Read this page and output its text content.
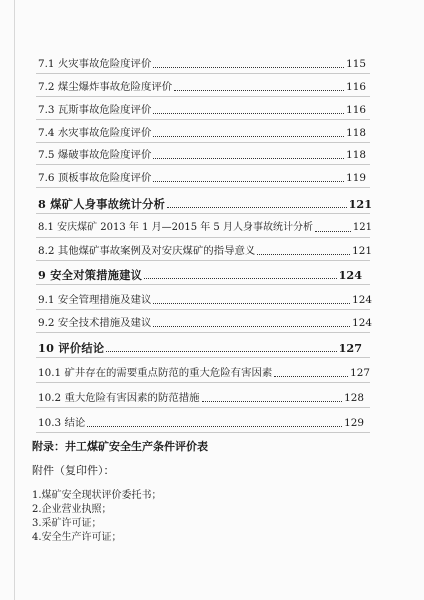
7.1 火灾事故危险度评价	115
7.2 煤尘爆炸事故危险度评价	116
7.3 瓦斯事故危险度评价	116
7.4 水灾事故危险度评价	118
7.5 爆破事故危险度评价	118
7.6 顶板事故危险度评价	119
8 煤矿人身事故统计分析	121
8.1 安庆煤矿 2013 年 1 月—2015 年 5 月人身事故统计分析	121
8.2 其他煤矿事故案例及对安庆煤矿的指导意义	121
9 安全对策措施建议	124
9.1 安全管理措施及建议	124
9.2 安全技术措施及建议	124
10 评价结论	127
10.1 矿井存在的需要重点防范的重大危险有害因素	127
10.2 重大危险有害因素的防范措施	128
10.3 结论	129
附录：井工煤矿安全生产条件评价表
附件（复印件）：
1.煤矿安全现状评价委托书；
2.企业营业执照；
3.采矿许可证；
4.安全生产许可证；
